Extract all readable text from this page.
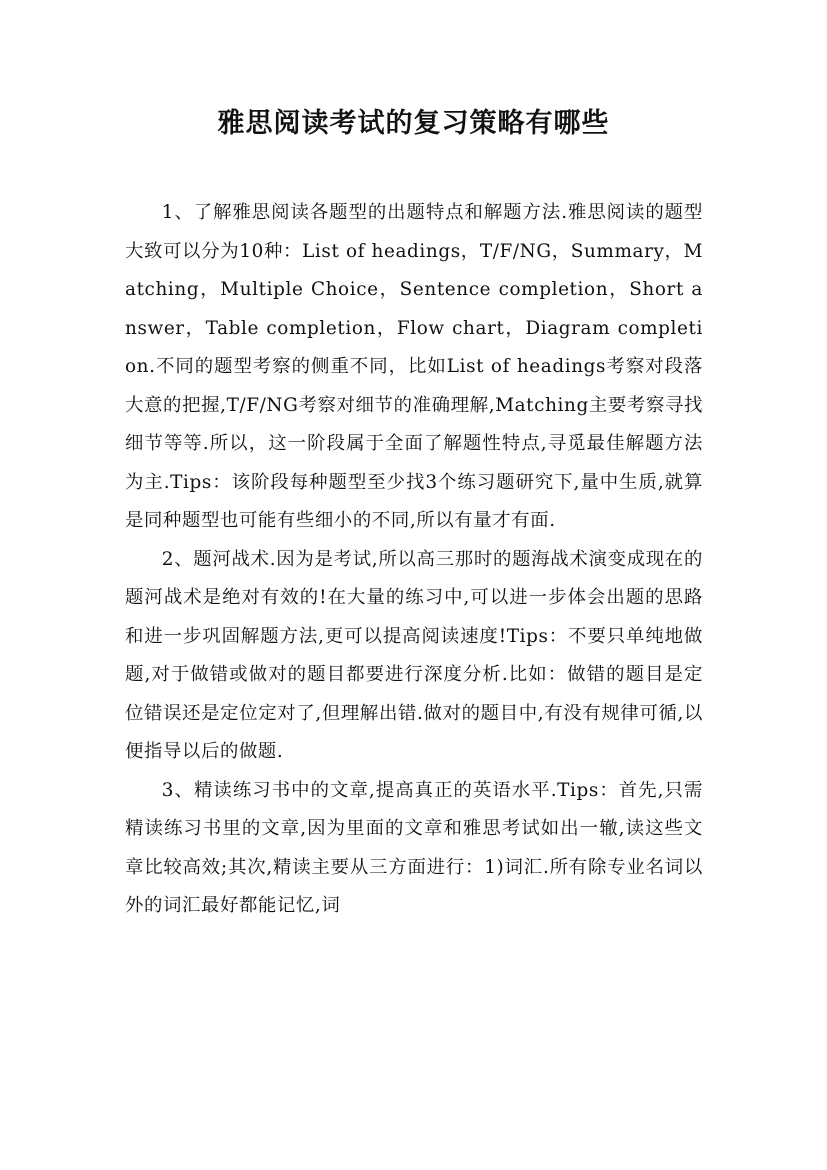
雅思阅读考试的复习策略有哪些

1、了解雅思阅读各题型的出题特点和解题方法.雅思阅读的题型大致可以分为10种：List of headings，T/F/NG，Summary，Matching，Multiple Choice，Sentence completion，Short answer，Table completion，Flow chart，Diagram completion.不同的题型考察的侧重不同，比如List of headings考察对段落大意的把握,T/F/NG考察对细节的准确理解,Matching主要考察寻找细节等等.所以，这一阶段属于全面了解题性特点,寻觅最佳解题方法为主.Tips：该阶段每种题型至少找3个练习题研究下,量中生质,就算是同种题型也可能有些细小的不同,所以有量才有面.

2、题河战术.因为是考试,所以高三那时的题海战术演变成现在的题河战术是绝对有效的!在大量的练习中,可以进一步体会出题的思路和进一步巩固解题方法,更可以提高阅读速度!Tips：不要只单纯地做题,对于做错或做对的题目都要进行深度分析.比如：做错的题目是定位错误还是定位定对了,但理解出错.做对的题目中,有没有规律可循,以便指导以后的做题.

3、精读练习书中的文章,提高真正的英语水平.Tips：首先,只需精读练习书里的文章,因为里面的文章和雅思考试如出一辙,读这些文章比较高效;其次,精读主要从三方面进行：1)词汇.所有除专业名词以外的词汇最好都能记忆,词
